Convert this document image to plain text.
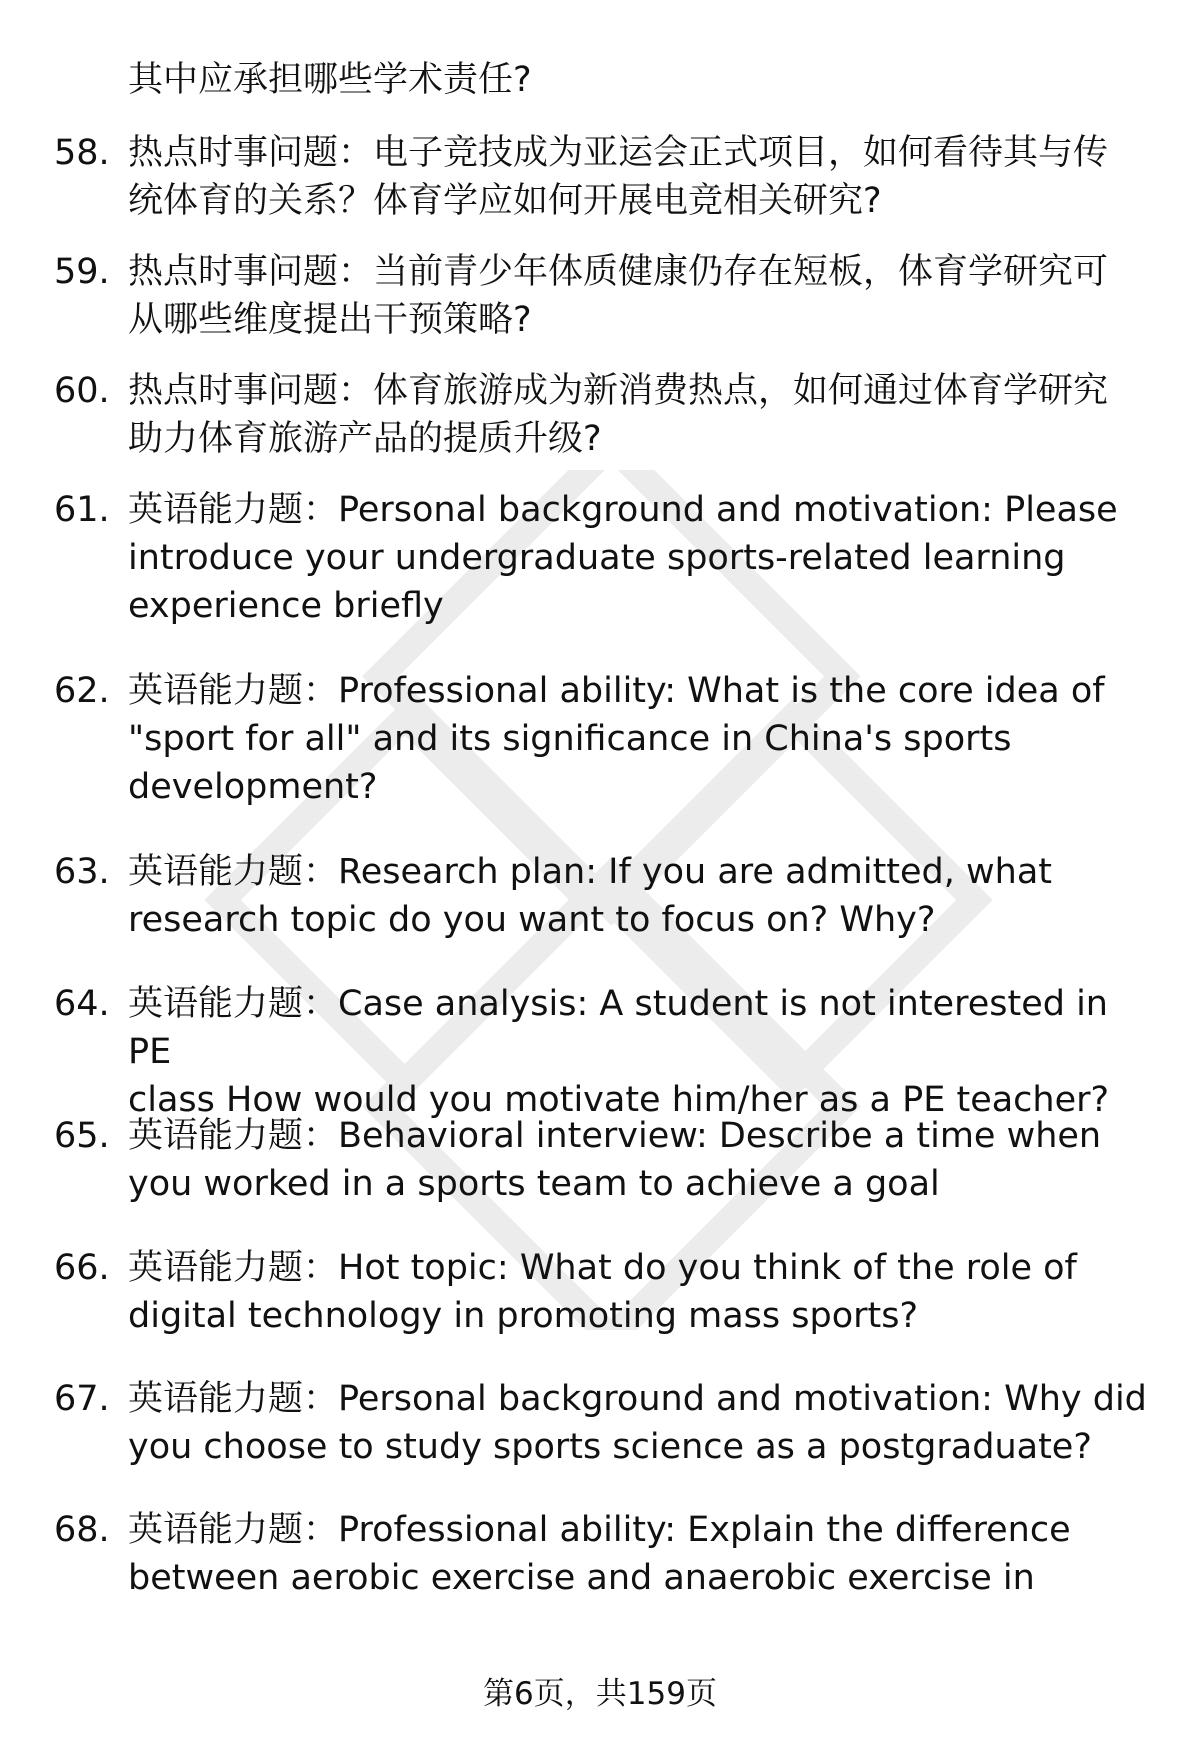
其中应承担哪些学术责任?
58. 热点时事问题：电子竞技成为亚运会正式项目，如何看待其与传
统体育的关系？体育学应如何开展电竞相关研究?
59. 热点时事问题：当前青少年体质健康仍存在短板，体育学研究可
从哪些维度提出干预策略?
60. 热点时事问题：体育旅游成为新消费热点，如何通过体育学研究
助力体育旅游产品的提质升级?
61. 英语能力题：Personal background and motivation: Please
introduce your undergraduate sports-related learning
experience briefly
62. 英语能力题：Professional ability: What is the core idea of
"sport for all" and its significance in China's sports
development?
63. 英语能力题：Research plan: If you are admitted, what
research topic do you want to focus on? Why?
64. 英语能力题：Case analysis: A student is not interested in PE
class How would you motivate him/her as a PE teacher?
65. 英语能力题：Behavioral interview: Describe a time when
you worked in a sports team to achieve a goal
66. 英语能力题：Hot topic: What do you think of the role of
digital technology in promoting mass sports?
67. 英语能力题：Personal background and motivation: Why did
you choose to study sports science as a postgraduate?
68. 英语能力题：Professional ability: Explain the difference
between aerobic exercise and anaerobic exercise in
第6页，共159页
